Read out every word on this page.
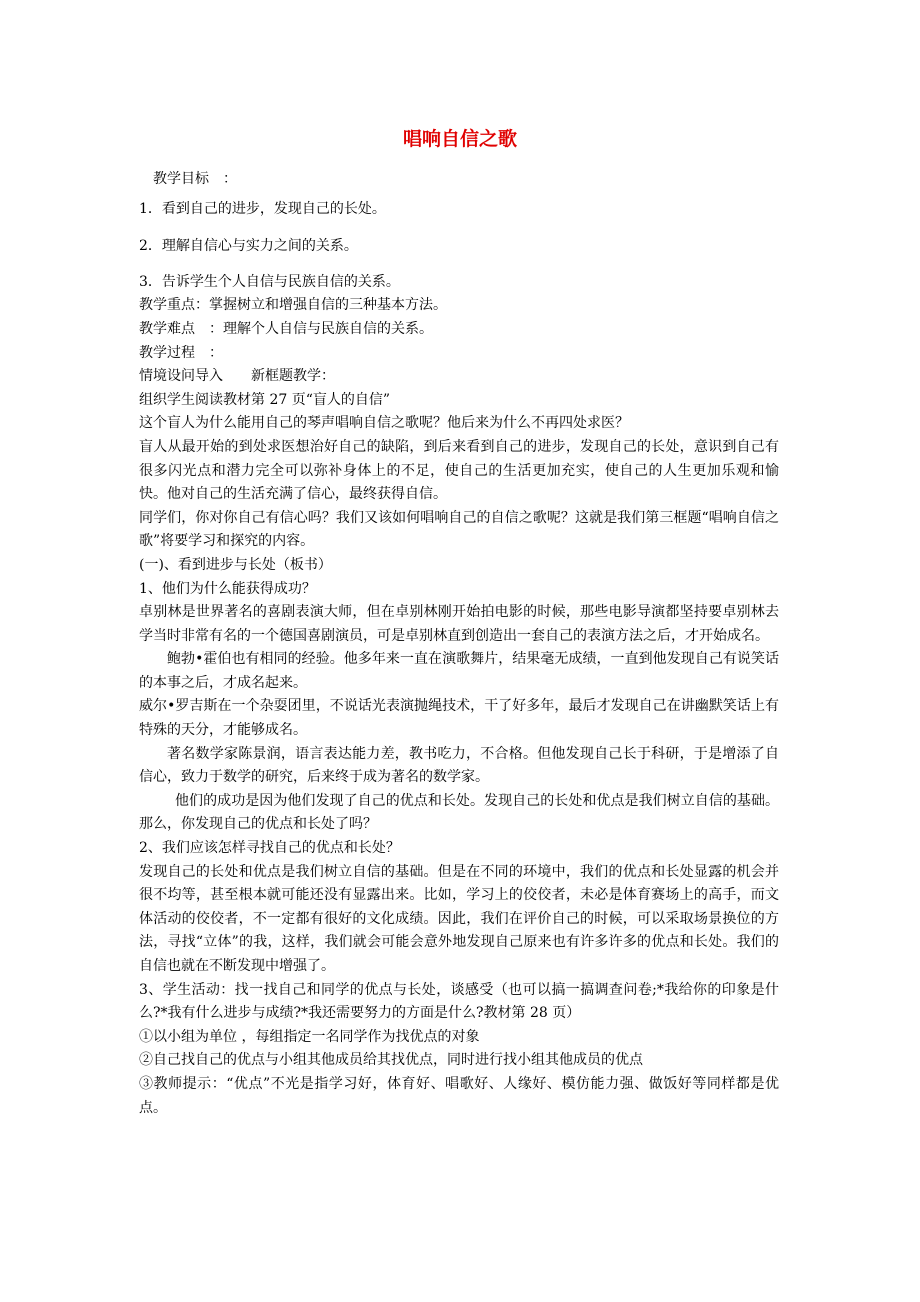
唱响自信之歌

教学目标　：

1．看到自己的进步，发现自己的长处。

2．理解自信心与实力之间的关系。

3．告诉学生个人自信与民族自信的关系。

教学重点：掌握树立和增强自信的三种基本方法。

教学难点　：理解个人自信与民族自信的关系。

教学过程　：

情境设问导入　　新框题教学：

组织学生阅读教材第 27 页“盲人的自信”

这个盲人为什么能用自己的琴声唱响自信之歌呢？他后来为什么不再四处求医？

盲人从最开始的到处求医想治好自己的缺陷，到后来看到自己的进步，发现自己的长处，意识到自己有很多闪光点和潜力完全可以弥补身体上的不足，使自己的生活更加充实，使自己的人生更加乐观和愉快。他对自己的生活充满了信心，最终获得自信。

同学们，你对你自己有信心吗？我们又该如何唱响自己的自信之歌呢？这就是我们第三框题“唱响自信之歌”将要学习和探究的内容。

(一)、看到进步与长处（板书）

1、他们为什么能获得成功？

卓别林是世界著名的喜剧表演大师，但在卓别林刚开始拍电影的时候，那些电影导演都坚持要卓别林去学当时非常有名的一个德国喜剧演员，可是卓别林直到创造出一套自己的表演方法之后，才开始成名。

鲍勃•霍伯也有相同的经验。他多年来一直在演歌舞片，结果毫无成绩，一直到他发现自己有说笑话的本事之后，才成名起来。

威尔•罗吉斯在一个杂耍团里，不说话光表演抛绳技术，干了好多年，最后才发现自己在讲幽默笑话上有特殊的天分，才能够成名。

著名数学家陈景润，语言表达能力差，教书吃力，不合格。但他发现自己长于科研，于是增添了自信心，致力于数学的研究，后来终于成为著名的数学家。

他们的成功是因为他们发现了自己的优点和长处。发现自己的长处和优点是我们树立自信的基础。那么，你发现自己的优点和长处了吗？

2、我们应该怎样寻找自己的优点和长处？

发现自己的长处和优点是我们树立自信的基础。但是在不同的环境中，我们的优点和长处显露的机会并很不均等，甚至根本就可能还没有显露出来。比如，学习上的佼佼者，未必是体育赛场上的高手，而文体活动的佼佼者，不一定都有很好的文化成绩。因此，我们在评价自己的时候，可以采取场景换位的方法，寻找“立体”的我，这样，我们就会可能会意外地发现自己原来也有许多许多的优点和长处。我们的自信也就在不断发现中增强了。

3、学生活动：找一找自己和同学的优点与长处，谈感受（也可以搞一搞调查问卷;*我给你的印象是什么?*我有什么进步与成绩?*我还需要努力的方面是什么?教材第 28 页）

①以小组为单位 ，每组指定一名同学作为找优点的对象

②自己找自己的优点与小组其他成员给其找优点，同时进行找小组其他成员的优点

③教师提示：“优点”不光是指学习好，体育好、唱歌好、人缘好、模仿能力强、做饭好等同样都是优点。
